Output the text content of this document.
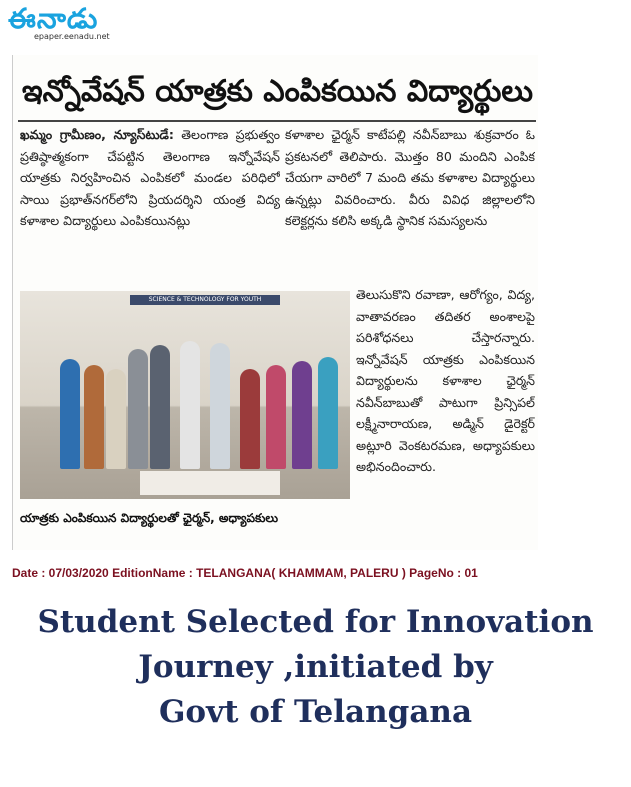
ఈనాడు
epaper.eenadu.net
ఇన్నోవేషన్ యాత్రకు ఎంపికయిన విద్యార్థులు
ఖమ్మం గ్రామీణం, న్యూస్‌టుడే: తెలంగాణ ప్రభుత్వం ప్రతిష్ఠాత్మకంగా చేపట్టిన తెలంగాణ ఇన్నోవేషన్ యాత్రకు నిర్వహించిన ఎంపికలో మండల పరిధిలో సాయి ప్రభాత్‌నగర్‌లోని ప్రియదర్శిని యంత్ర విద్య కళాశాల విద్యార్థులు ఎంపికయినట్లు
కళాశాల ఛైర్మన్ కాటేపల్లి నవీన్‌బాబు శుక్రవారం ఓ ప్రకటనలో తెలిపారు. మొత్తం 80 మందిని ఎంపిక చేయగా వారిలో 7 మంది తమ కళాశాల విద్యార్థులు ఉన్నట్లు వివరించారు. వీరు వివిధ జిల్లాలలోని కలెక్టర్లను కలిసి అక్కడి స్థానిక సమస్యలను
తెలుసుకొని రవాణా, ఆరోగ్యం, విద్య, వాతావరణం తదితర అంశాలపై పరిశోధనలు చేస్తారన్నారు. ఇన్నోవేషన్ యాత్రకు ఎంపికయిన విద్యార్థులను కళాశాల ఛైర్మన్ నవీన్‌బాబుతో పాటుగా ప్రిన్సిపల్ లక్ష్మీనారాయణ, అడ్మిన్ డైరెక్టర్ అట్లూరి వెంకటరమణ, అధ్యాపకులు అభినందించారు.
SCIENCE & TECHNOLOGY FOR YOUTH
యాత్రకు ఎంపికయిన విద్యార్థులతో ఛైర్మన్, అధ్యాపకులు
Date : 07/03/2020 EditionName : TELANGANA( KHAMMAM, PALERU ) PageNo : 01
Student Selected for Innovation
Journey ,initiated by
Govt of Telangana
